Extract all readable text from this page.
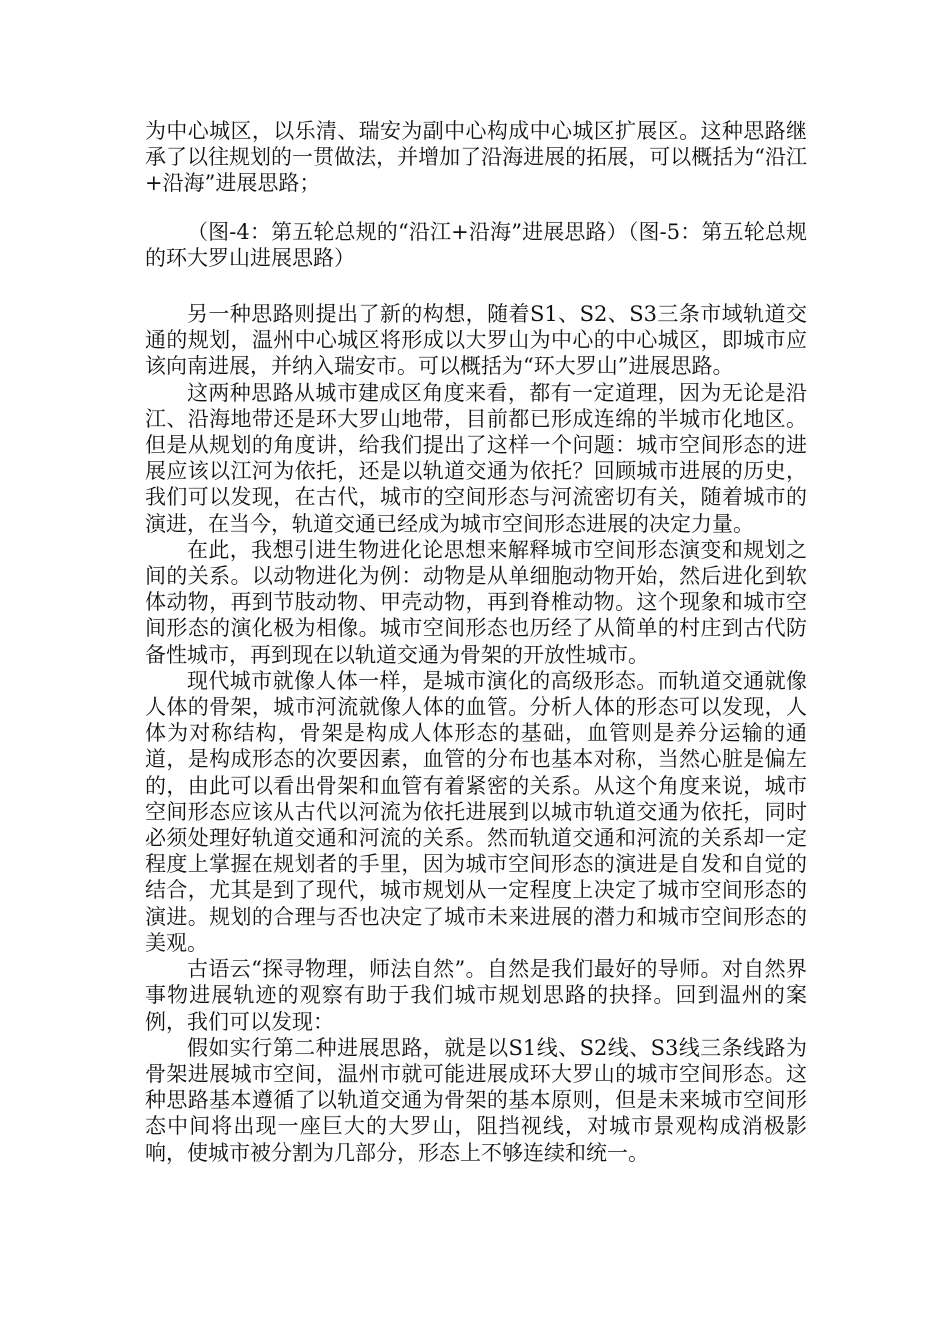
为中心城区，以乐清、瑞安为副中心构成中心城区扩展区。这种思路继承了以往规划的一贯做法，并增加了沿海进展的拓展，可以概括为“沿江+沿海”进展思路；

（图-4：第五轮总规的“沿江+沿海”进展思路）（图-5：第五轮总规的环大罗山进展思路）

另一种思路则提出了新的构想，随着S1、S2、S3三条市域轨道交通的规划，温州中心城区将形成以大罗山为中心的中心城区，即城市应该向南进展，并纳入瑞安市。可以概括为“环大罗山”进展思路。

这两种思路从城市建成区角度来看，都有一定道理，因为无论是沿江、沿海地带还是环大罗山地带，目前都已形成连绵的半城市化地区。但是从规划的角度讲，给我们提出了这样一个问题：城市空间形态的进展应该以江河为依托，还是以轨道交通为依托？回顾城市进展的历史，我们可以发现，在古代，城市的空间形态与河流密切有关，随着城市的演进，在当今，轨道交通已经成为城市空间形态进展的决定力量。

在此，我想引进生物进化论思想来解释城市空间形态演变和规划之间的关系。以动物进化为例：动物是从单细胞动物开始，然后进化到软体动物，再到节肢动物、甲壳动物，再到脊椎动物。这个现象和城市空间形态的演化极为相像。城市空间形态也历经了从简单的村庄到古代防备性城市，再到现在以轨道交通为骨架的开放性城市。

现代城市就像人体一样，是城市演化的高级形态。而轨道交通就像人体的骨架，城市河流就像人体的血管。分析人体的形态可以发现，人体为对称结构，骨架是构成人体形态的基础，血管则是养分运输的通道，是构成形态的次要因素，血管的分布也基本对称，当然心脏是偏左的，由此可以看出骨架和血管有着紧密的关系。从这个角度来说，城市空间形态应该从古代以河流为依托进展到以城市轨道交通为依托，同时必须处理好轨道交通和河流的关系。然而轨道交通和河流的关系却一定程度上掌握在规划者的手里，因为城市空间形态的演进是自发和自觉的结合，尤其是到了现代，城市规划从一定程度上决定了城市空间形态的演进。规划的合理与否也决定了城市未来进展的潜力和城市空间形态的美观。

古语云“探寻物理，师法自然”。自然是我们最好的导师。对自然界事物进展轨迹的观察有助于我们城市规划思路的抉择。回到温州的案例，我们可以发现：

假如实行第二种进展思路，就是以S1线、S2线、S3线三条线路为骨架进展城市空间，温州市就可能进展成环大罗山的城市空间形态。这种思路基本遵循了以轨道交通为骨架的基本原则，但是未来城市空间形态中间将出现一座巨大的大罗山，阻挡视线，对城市景观构成消极影响，使城市被分割为几部分，形态上不够连续和统一。
